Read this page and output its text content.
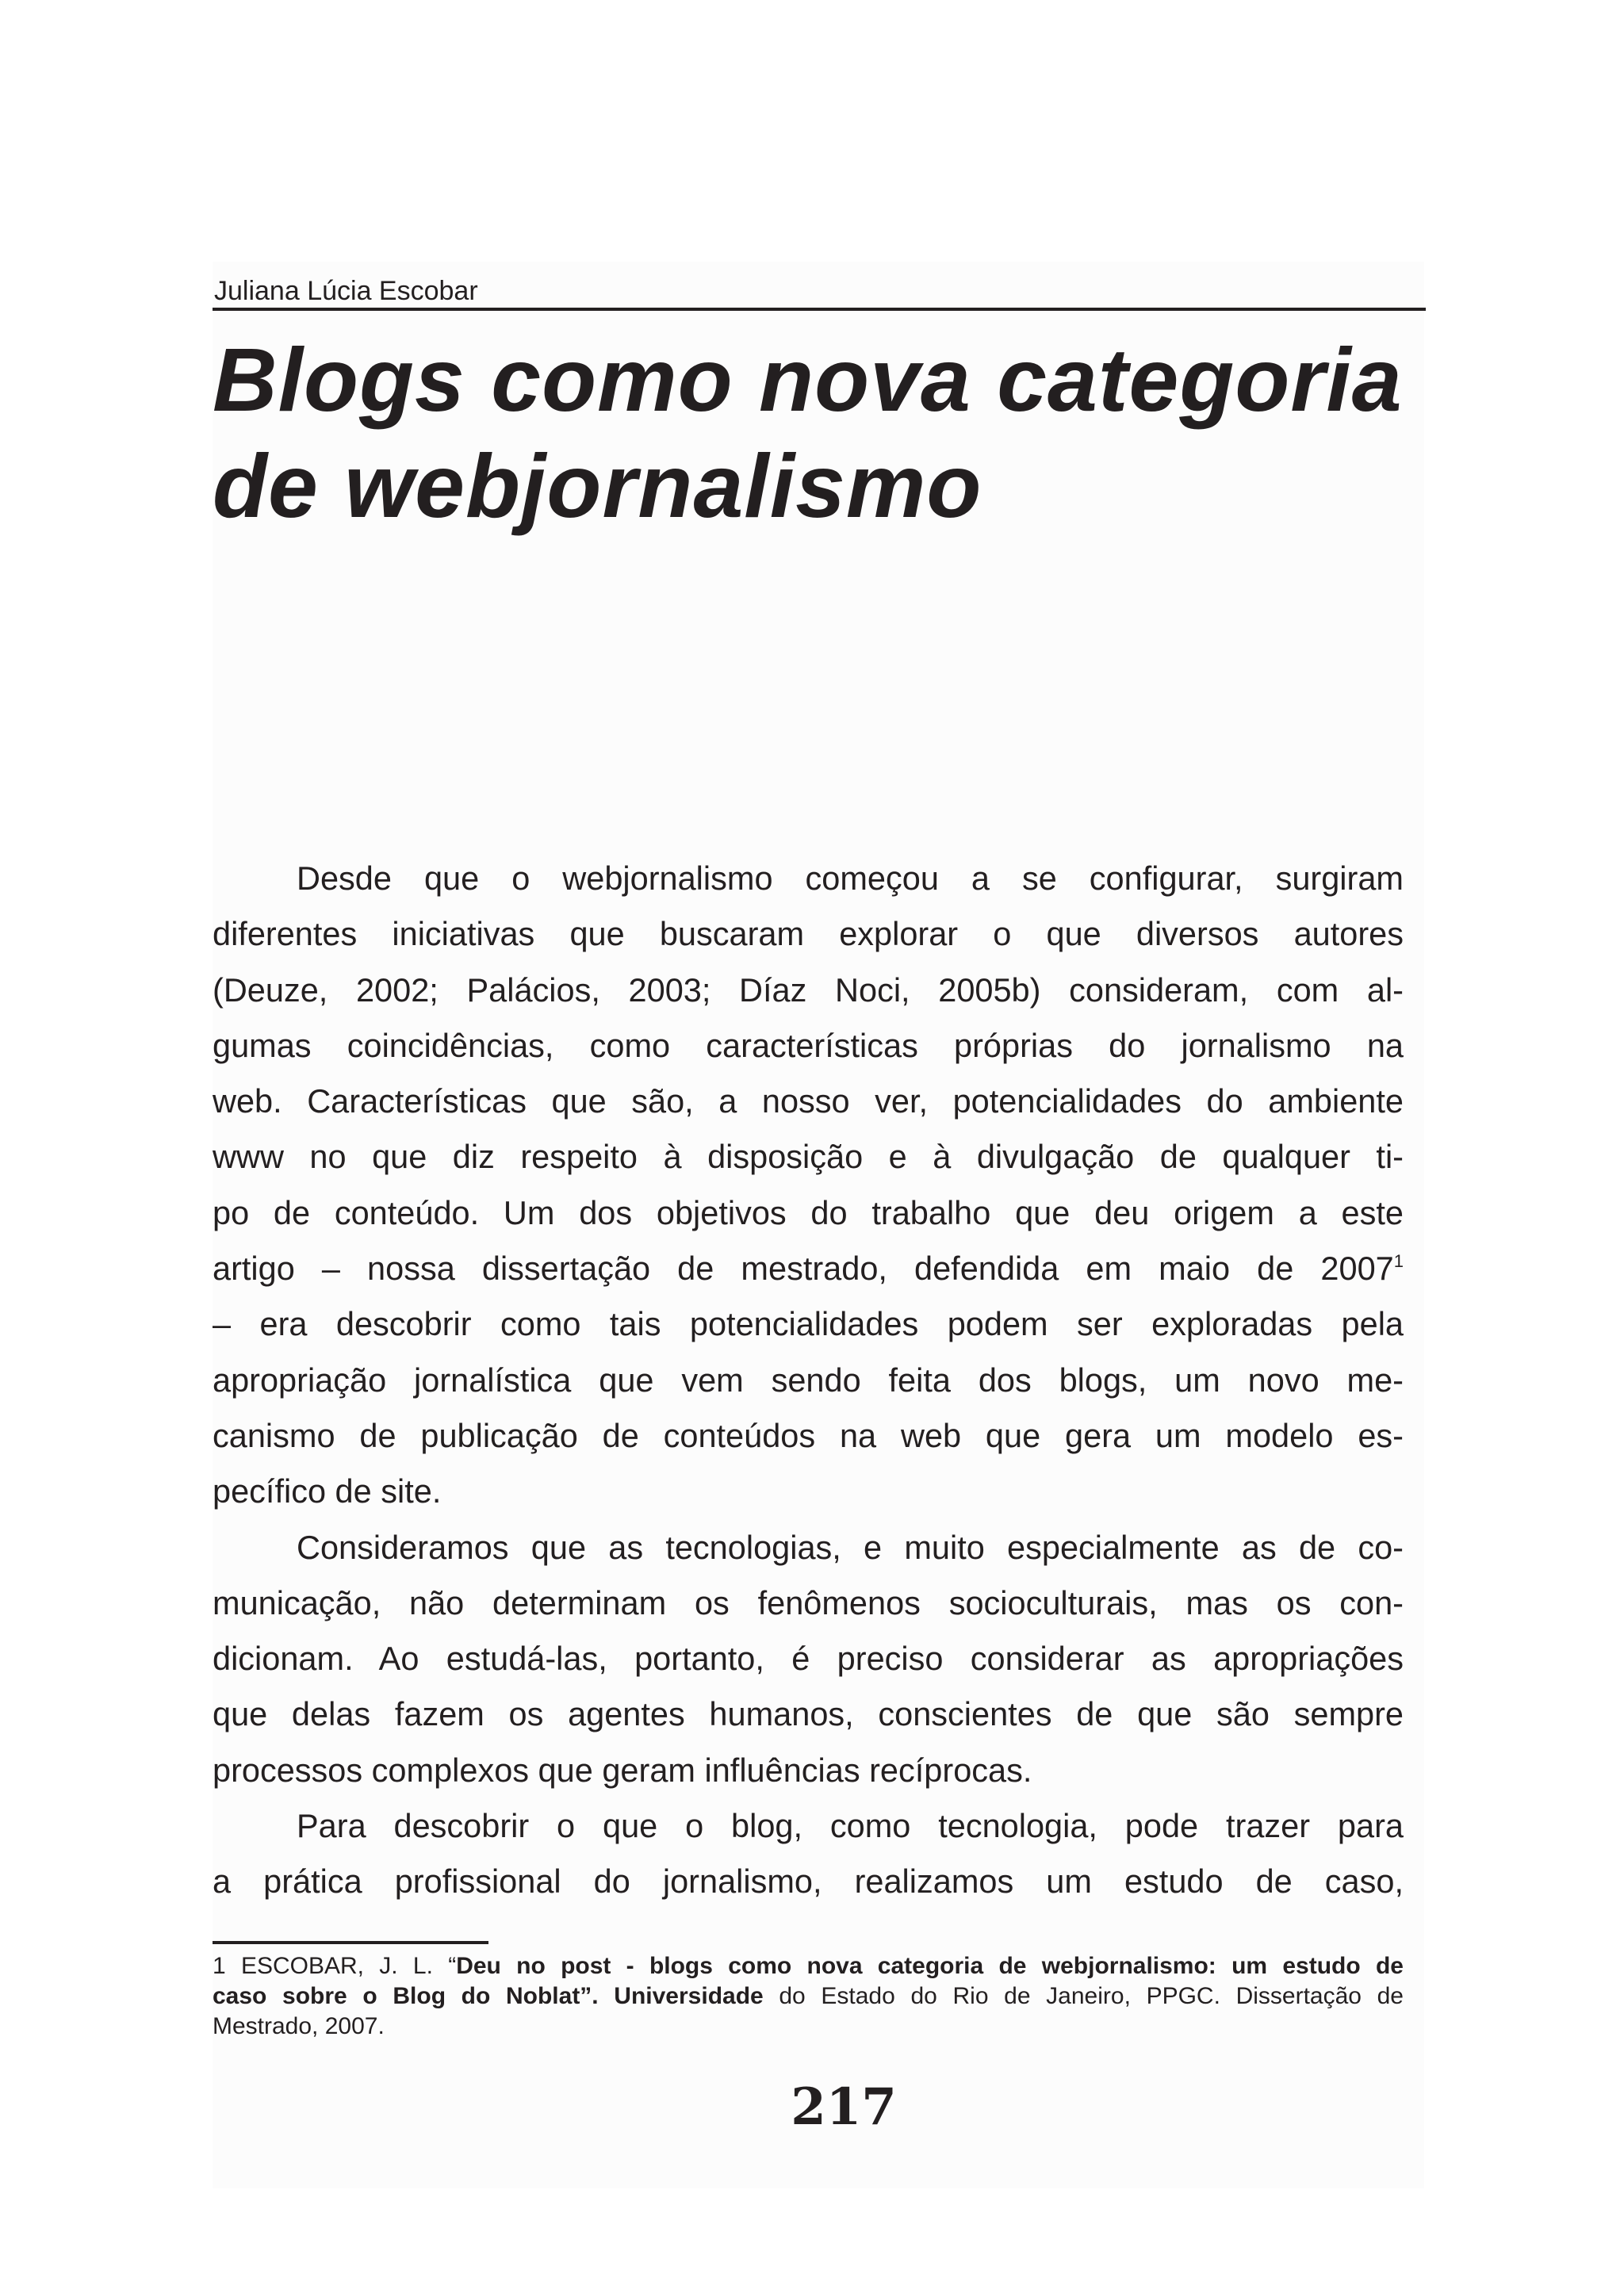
Juliana Lúcia Escobar

Blogs como nova categoria
de webjornalismo
Desde que o webjornalismo começou a se configurar, surgiram
diferentes iniciativas que buscaram explorar o que diversos autores
(Deuze, 2002; Palácios, 2003; Díaz Noci, 2005b) consideram, com al-
gumas coincidências, como características próprias do jornalismo na
web. Características que são, a nosso ver, potencialidades do ambiente
www no que diz respeito à disposição e à divulgação de qualquer ti-
po de conteúdo. Um dos objetivos do trabalho que deu origem a este
artigo – nossa dissertação de mestrado, defendida em maio de 2007$^1$
– era descobrir como tais potencialidades podem ser exploradas pela
apropriação jornalística que vem sendo feita dos blogs, um novo me-
canismo de publicação de conteúdos na web que gera um modelo es-
pecífico de site.
Consideramos que as tecnologias, e muito especialmente as de co-
municação, não determinam os fenômenos socioculturais, mas os con-
dicionam. Ao estudá-las, portanto, é preciso considerar as apropriações
que delas fazem os agentes humanos, conscientes de que são sempre
processos complexos que geram influências recíprocas.
Para descobrir o que o blog, como tecnologia, pode trazer para
a prática profissional do jornalismo, realizamos um estudo de caso,
1 ESCOBAR, J. L. “Deu no post - blogs como nova categoria de webjornalismo: um estudo de
caso sobre o Blog do Noblat”. Universidade do Estado do Rio de Janeiro, PPGC. Dissertação de
Mestrado, 2007.

217
